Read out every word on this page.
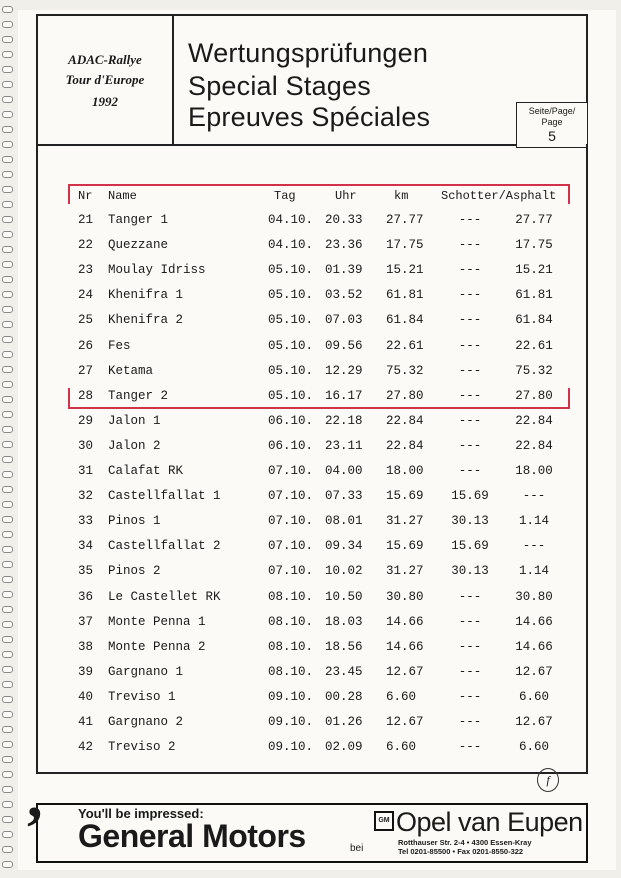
ADAC-Rallye
Tour d'Europe
1992
Wertungsprüfungen
Special Stages
Epreuves Spéciales	Seite/Page/ Page
5
Nr Name	Tag	Uhr	km	Schotter/Asphalt
21 Tanger 1	04.10. 20.33 27.77	---	27.77
22 Quezzane	04.10. 23.36 17.75	---	17.75
23 Moulay Idriss	05.10. 01.39 15.21	---	15.21
24 Khenifra 1	05.10. 03.52 61.81	---	61.81
25 Khenifra 2	05.10. 07.03 61.84	---	61.84
26 Fes	05.10. 09.56 22.61	---	22.61
27 Ketama	05.10. 12.29 75.32	---	75.32
28 Tanger 2	05.10. 16.17 27.80	---	27.80
29 Jalon 1	06.10. 22.18 22.84	---	22.84
30 Jalon 2	06.10. 23.11 22.84	---	22.84
31 Calafat RK	07.10. 04.00 18.00	---	18.00
32 Castellfallat 1	07.10. 07.33 15.69	15.69	---
33 Pinos 1	07.10. 08.01 31.27	30.13	1.14
34 Castellfallat 2	07.10. 09.34 15.69	15.69	---
35 Pinos 2	07.10. 10.02 31.27	30.13	1.14
36 Le Castellet RK	08.10. 10.50 30.80	---	30.80
37 Monte Penna 1	08.10. 18.03 14.66	---	14.66
38 Monte Penna 2	08.10. 18.56 14.66	---	14.66
39 Gargnano 1	08.10. 23.45 12.67	---	12.67
40 Treviso 1	09.10. 00.28 6.60	---	6.60
41 Gargnano 2	09.10. 01.26 12.67	---	12.67
42 Treviso 2	09.10. 02.09 6.60	---	6.60
f
’	You'll be impressed:
General Motors	bei
GM Opel van Eupen
Rotthauser Str. 2-4 • 4300 Essen-Kray
Tel 0201-85500 • Fax 0201-8550-322
